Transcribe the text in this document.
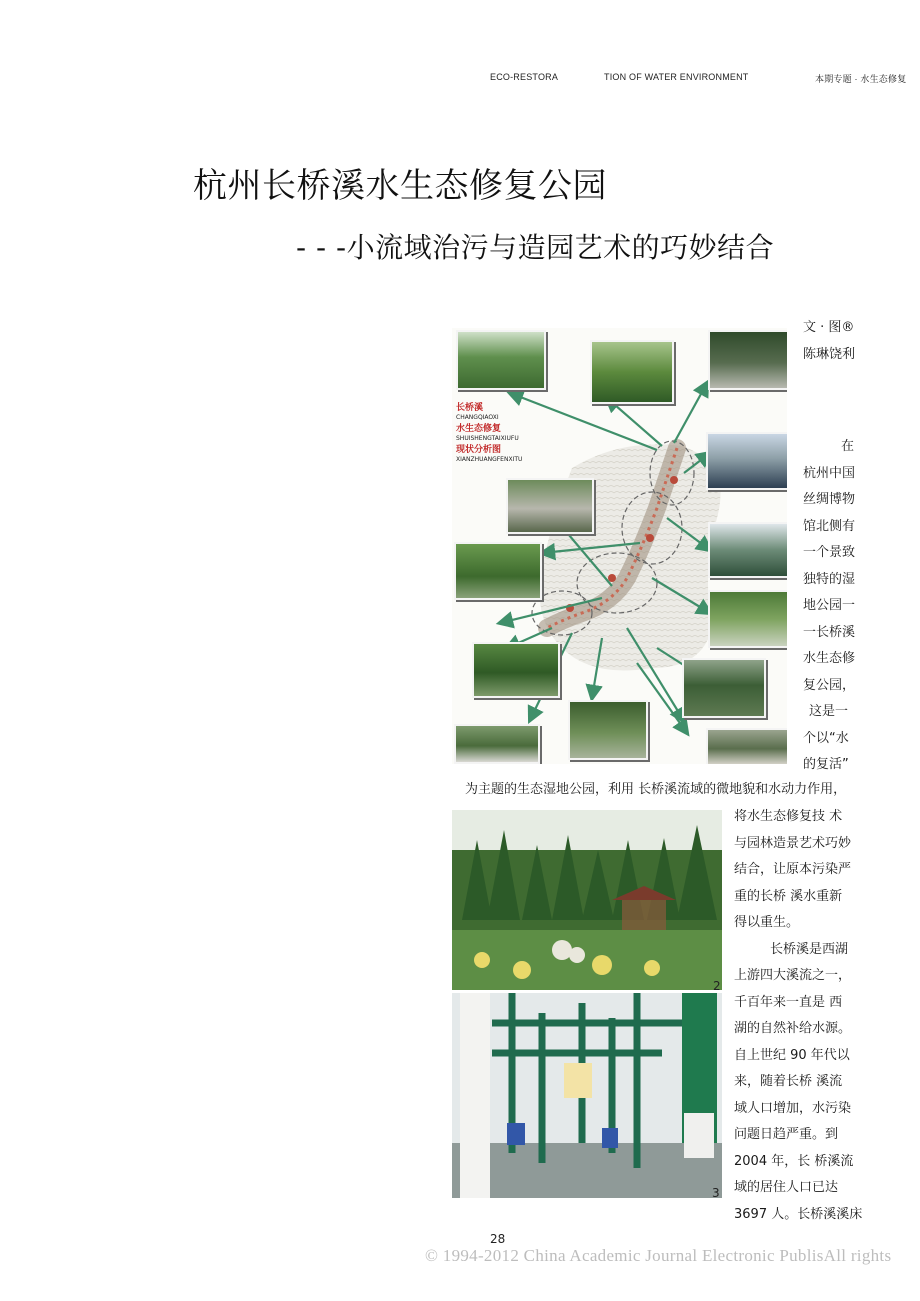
ECO-RESTORA	TION OF WATER ENVIRONMENT	本期专题 · 水生态修复
杭州长桥溪水生态修复公园
- - -小流域治污与造园艺术的巧妙结合
长桥溪
CHANGQIAOXI
水生态修复
SHUISHENGTAIXIUFU
现状分析图
XIANZHUANGFENXITU
文 · 图®
陈琳饶利
在
杭州中国
丝绸博物
馆北侧有
一个景致
独特的湿
地公园一
一长桥溪
水生态修
复公园，
这是一
个以“水
的复活”
为主题的生态湿地公园，利用 长桥溪流域的微地貌和水动力作用，
2
3
将水生态修复技 术
与园林造景艺术巧妙
结合，让原本污染严
重的长桥 溪水重新
得以重生。
长桥溪是西湖
上游四大溪流之一，
千百年来一直是 西
湖的自然补给水源。
自上世纪 90 年代以
来，随着长桥 溪流
域人口增加，水污染
问题日趋严重。到
2004 年，长 桥溪流
域的居住人口已达
3697 人。长桥溪溪床
28
© 1994-2012 China Academic Journal Electronic PublisAll rights
